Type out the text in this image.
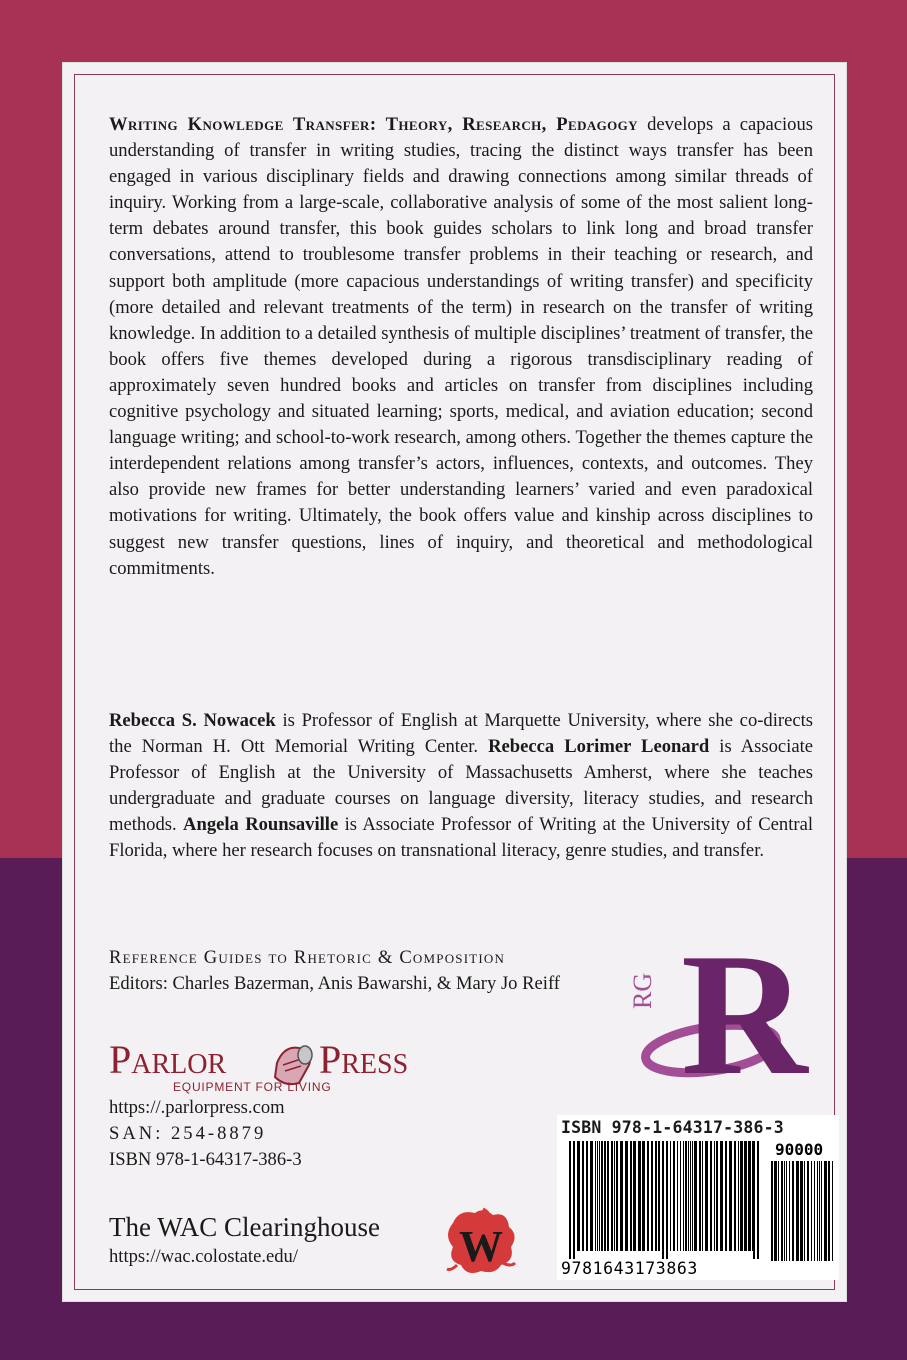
Writing Knowledge Transfer: Theory, Research, Pedagogy develops a capacious understanding of transfer in writing studies, tracing the distinct ways transfer has been engaged in various disciplinary fields and drawing connections among similar threads of inquiry. Working from a large-scale, collaborative analysis of some of the most salient long-term debates around transfer, this book guides scholars to link long and broad transfer conversations, attend to troublesome transfer problems in their teaching or research, and support both amplitude (more capacious understandings of writing transfer) and specificity (more detailed and relevant treatments of the term) in research on the transfer of writing knowledge. In addition to a detailed synthesis of multiple disciplines’ treatment of transfer, the book offers five themes developed during a rigorous transdisciplinary reading of approximately seven hundred books and articles on transfer from disciplines including cognitive psychology and situated learning; sports, medical, and aviation education; second language writing; and school-to-work research, among others. Together the themes capture the interdependent relations among transfer’s actors, influences, contexts, and outcomes. They also provide new frames for better understanding learners’ varied and even paradoxical motivations for writing. Ultimately, the book offers value and kinship across disciplines to suggest new transfer questions, lines of inquiry, and theoretical and methodological commitments.

Rebecca S. Nowacek is Professor of English at Marquette University, where she co-directs the Norman H. Ott Memorial Writing Center. Rebecca Lorimer Leonard is Associate Professor of English at the University of Massachusetts Amherst, where she teaches undergraduate and graduate courses on language diversity, literacy studies, and research methods. Angela Rounsaville is Associate Professor of Writing at the University of Central Florida, where her research focuses on transnational literacy, genre studies, and transfer.

Reference Guides to Rhetoric & Composition
Editors: Charles Bazerman, Anis Bawarshi, & Mary Jo Reiff R
RG
Parlor Press
EQUIPMENT FOR LIVING
https://.parlorpress.com

SAN: 254-8879
ISBN 978-1-64317-386-3
The WAC Clearinghouse
https://wac.colostate.edu/	W
ISBN 978-1-64317-386-3
90000
9781643173863
